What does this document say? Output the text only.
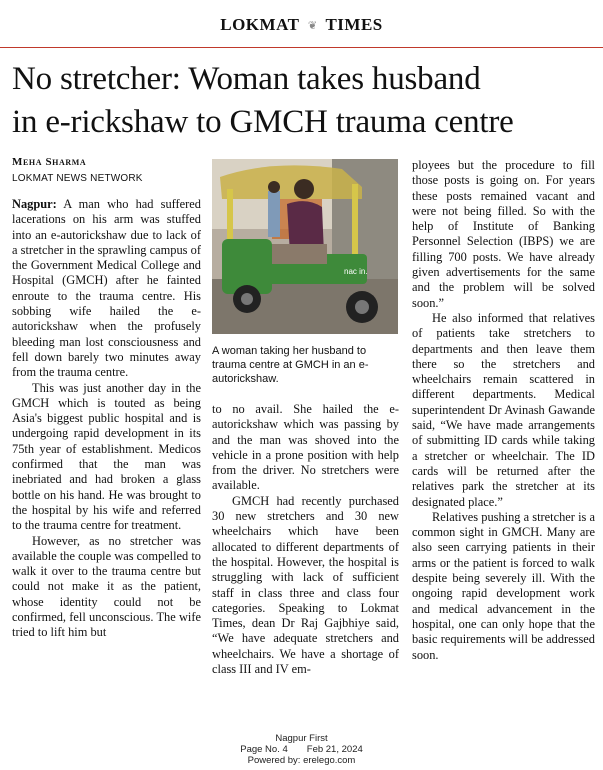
LOKMAT ❦ TIMES
No stretcher: Woman takes husband
in e-rickshaw to GMCH trauma centre
Meha Sharma
LOKMAT NEWS NETWORK

Nagpur: A man who had suffered lacerations on his arm was stuffed into an e-autorickshaw due to lack of a stretcher in the sprawling campus of the Government Medical College and Hospital (GMCH) after he fainted enroute to the trauma centre. His sobbing wife hailed the e-autorickshaw when the profusely bleeding man lost consciousness and fell down barely two minutes away from the trauma centre.

This was just another day in the GMCH which is touted as being Asia's biggest public hospital and is undergoing rapid development in its 75th year of establishment. Medicos confirmed that the man was inebriated and had broken a glass bottle on his hand. He was brought to the hospital by his wife and referred to the trauma centre for treatment.

However, as no stretcher was available the couple was compelled to walk it over to the trauma centre but could not make it as the patient, whose identity could not be confirmed, fell unconscious. The wife tried to lift him but

nac in.
A woman taking her husband to trauma centre at GMCH in an e-autorickshaw.

to no avail. She hailed the e-autorickshaw which was passing by and the man was shoved into the vehicle in a prone position with help from the driver. No stretchers were available.

GMCH had recently purchased 30 new stretchers and 30 new wheelchairs which have been allocated to different departments of the hospital. However, the hospital is struggling with lack of sufficient staff in class three and class four categories. Speaking to Lokmat Times, dean Dr Raj Gajbhiye said, “We have adequate stretchers and wheelchairs. We have a shortage of class III and IV em-

ployees but the procedure to fill those posts is going on. For years these posts remained vacant and were not being filled. So with the help of Institute of Banking Personnel Selection (IBPS) we are filling 700 posts. We have already given advertisements for the same and the problem will be solved soon.”

He also informed that relatives of patients take stretchers to departments and then leave them there so the stretchers and wheelchairs remain scattered in different departments. Medical superintendent Dr Avinash Gawande said, “We have made arrangements of submitting ID cards while taking a stretcher or wheelchair. The ID cards will be returned after the relatives park the stretcher at its designated place.”

Relatives pushing a stretcher is a common sight in GMCH. Many are also seen carrying patients in their arms or the patient is forced to walk despite being severely ill. With the ongoing rapid development work and medical advancement in the hospital, one can only hope that the basic requirements will be addressed soon.

Nagpur First
Page No. 4  Feb 21, 2024
Powered by: erelego.com
